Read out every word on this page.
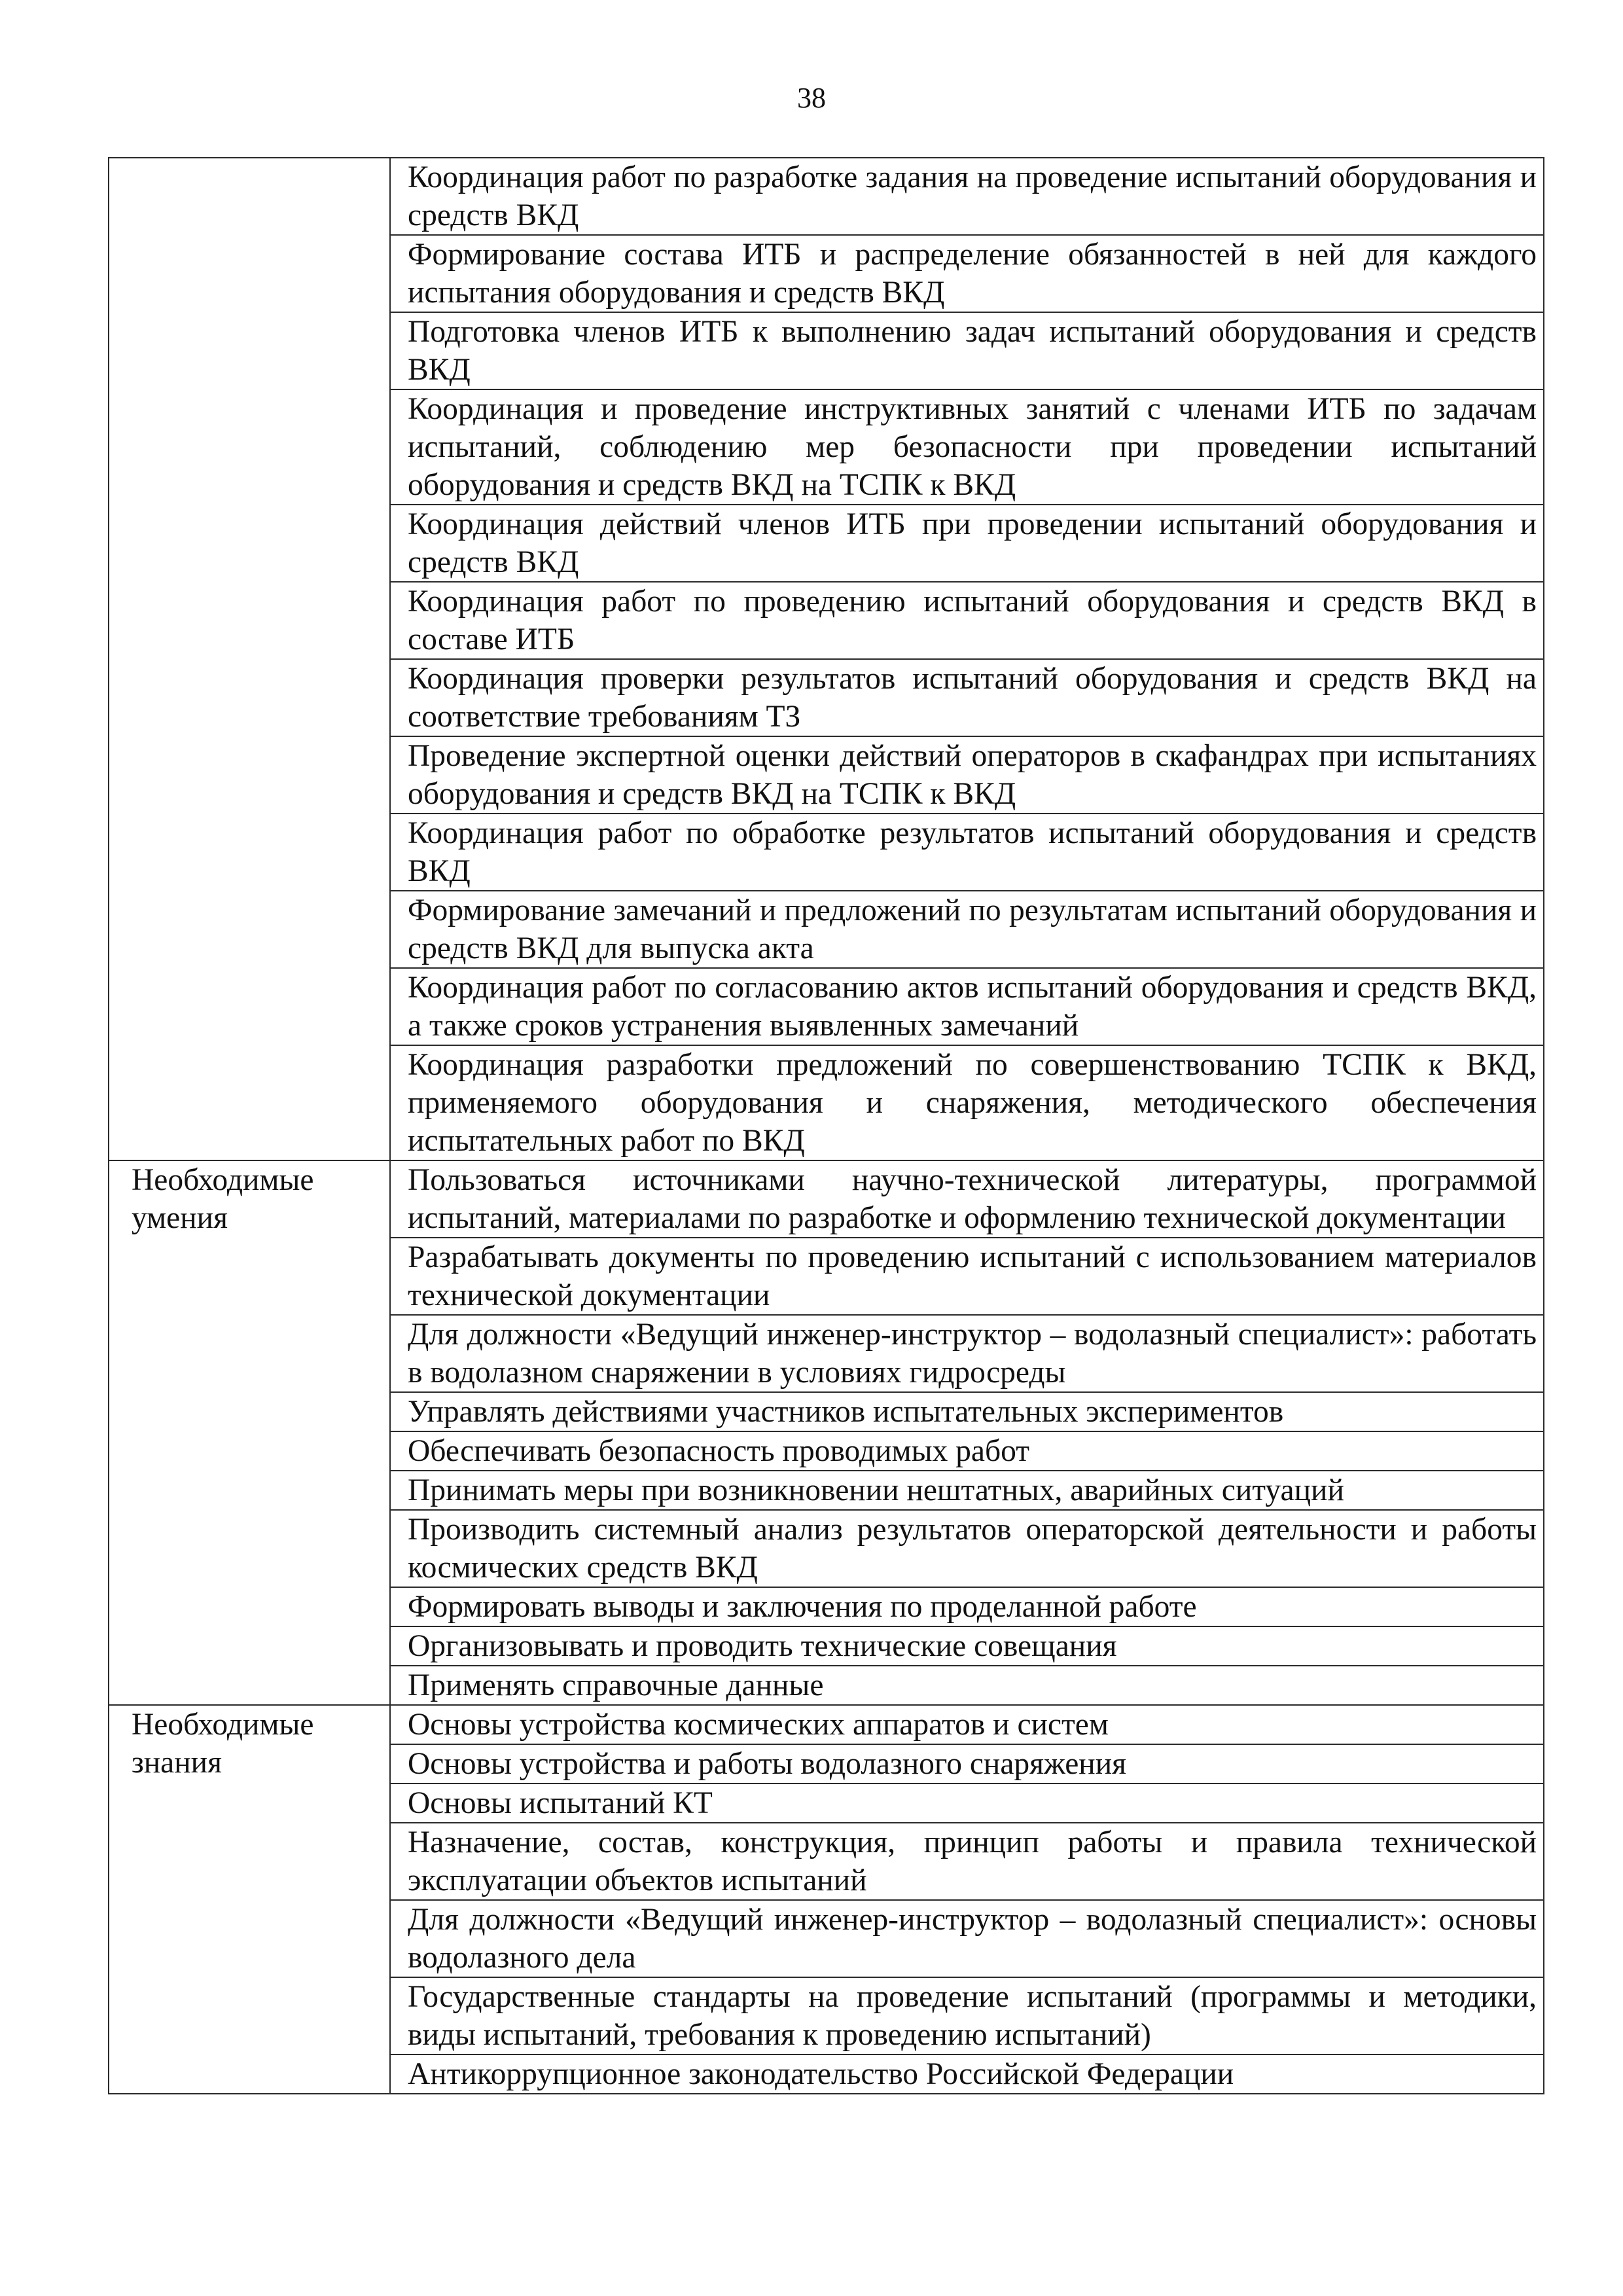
38
	Координация работ по разработке задания на проведение испытаний оборудования и средств ВКД
	Формирование состава ИТБ и распределение обязанностей в ней для каждого испытания оборудования и средств ВКД
	Подготовка членов ИТБ к выполнению задач испытаний оборудования и средств ВКД
	Координация и проведение инструктивных занятий с членами ИТБ по задачам испытаний, соблюдению мер безопасности при проведении испытаний оборудования и средств ВКД на ТСПК к ВКД
	Координация действий членов ИТБ при проведении испытаний оборудования и средств ВКД
	Координация работ по проведению испытаний оборудования и средств ВКД в составе ИТБ
	Координация проверки результатов испытаний оборудования и средств ВКД на соответствие требованиям ТЗ
	Проведение экспертной оценки действий операторов в скафандрах при испытаниях оборудования и средств ВКД на ТСПК к ВКД
	Координация работ по обработке результатов испытаний оборудования и средств ВКД
	Формирование замечаний и предложений по результатам испытаний оборудования и средств ВКД для выпуска акта
	Координация работ по согласованию актов испытаний оборудования и средств ВКД, а также сроков устранения выявленных замечаний
	Координация разработки предложений по совершенствованию ТСПК к ВКД, применяемого оборудования и снаряжения, методического обеспечения испытательных работ по ВКД
Необходимые умения	Пользоваться источниками научно-технической литературы, программой испытаний, материалами по разработке и оформлению технической документации
	Разрабатывать документы по проведению испытаний с использованием материалов технической документации
	Для должности «Ведущий инженер-инструктор – водолазный специалист»: работать в водолазном снаряжении в условиях гидросреды
	Управлять действиями участников испытательных экспериментов
	Обеспечивать безопасность проводимых работ
	Принимать меры при возникновении нештатных, аварийных ситуаций
	Производить системный анализ результатов операторской деятельности и работы космических средств ВКД
	Формировать выводы и заключения по проделанной работе
	Организовывать и проводить технические совещания
	Применять справочные данные
Необходимые знания	Основы устройства космических аппаратов и систем
	Основы устройства и работы водолазного снаряжения
	Основы испытаний КТ
	Назначение, состав, конструкция, принцип работы и правила технической эксплуатации объектов испытаний
	Для должности «Ведущий инженер-инструктор – водолазный специалист»: основы водолазного дела
	Государственные стандарты на проведение испытаний (программы и методики, виды испытаний, требования к проведению испытаний)
	Антикоррупционное законодательство Российской Федерации
